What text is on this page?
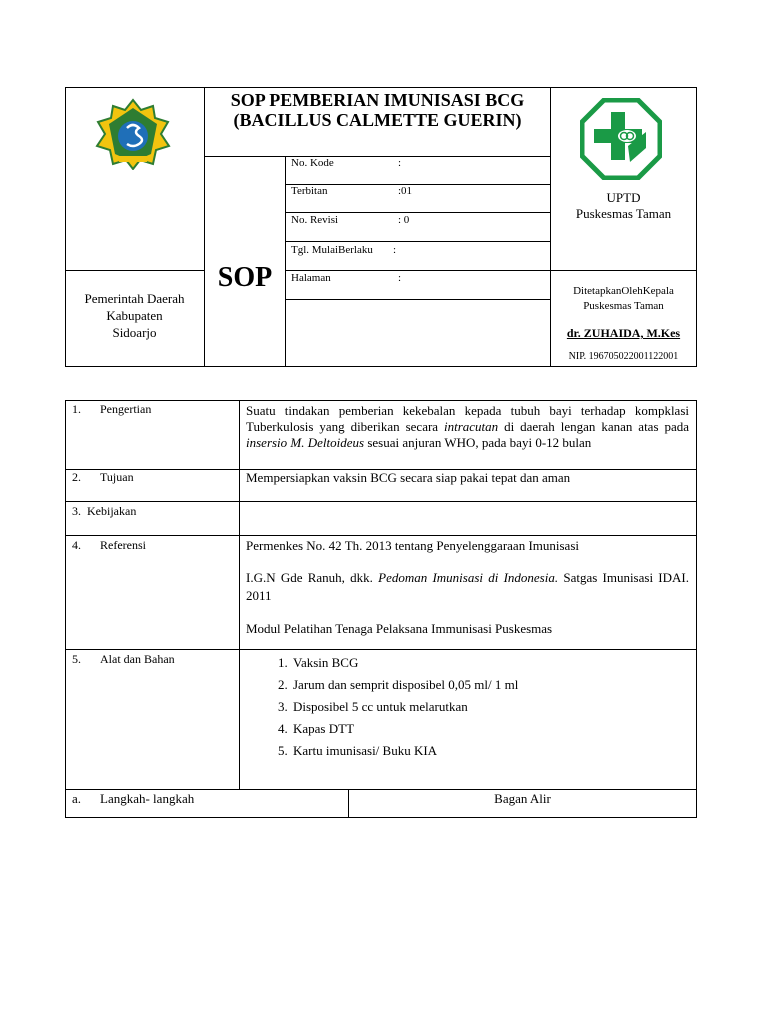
SOP PEMBERIAN IMUNISASI BCG (BACILLUS CALMETTE GUERIN)
SOP
No. Kode	:
Terbitan	:01
No. Revisi	: 0
Tgl. MulaiBerlaku :
Halaman	:
Pemerintah Daerah
Kabupaten
Sidoarjo
UPTD
Puskesmas Taman
DitetapkanOlehKepala
Puskesmas Taman
dr. ZUHAIDA, M.Kes
NIP. 196705022001122001
1. Pengertian	Suatu tindakan pemberian kekebalan kepada tubuh bayi terhadap kompklasi Tuberkulosis yang diberikan secara intracutan di daerah lengan kanan atas pada insersio M. Deltoideus sesuai anjuran WHO, pada bayi 0-12 bulan
2. Tujuan	Mempersiapkan vaksin BCG secara siap pakai tepat dan aman
3. Kebijakan
4. Referensi	Permenkes No. 42 Th. 2013 tentang Penyelenggaraan Imunisasi
I.G.N Gde Ranuh, dkk. Pedoman Imunisasi di Indonesia. Satgas Imunisasi IDAI. 2011
Modul Pelatihan Tenaga Pelaksana Immunisasi Puskesmas
5. Alat dan Bahan	1. Vaksin BCG
2. Jarum dan semprit disposibel 0,05 ml/ 1 ml
3. Disposibel 5 cc untuk melarutkan
4. Kapas DTT
5. Kartu imunisasi/ Buku KIA
a. Langkah- langkah	Bagan Alir
